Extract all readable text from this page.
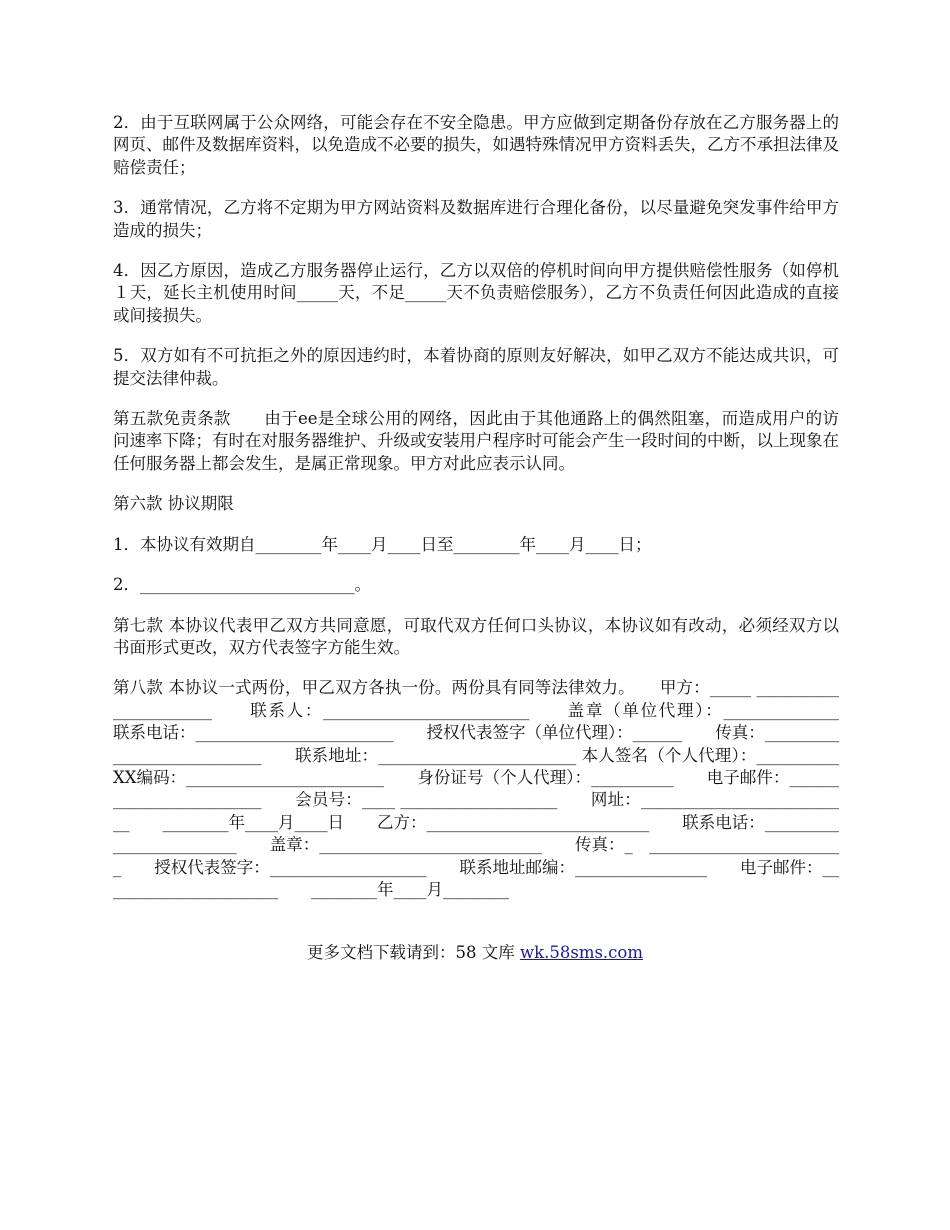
2．由于互联网属于公众网络，可能会存在不安全隐患。甲方应做到定期备份存放在乙方服务器上的网页、邮件及数据库资料，以免造成不必要的损失，如遇特殊情况甲方资料丢失，乙方不承担法律及赔偿责任；

3．通常情况，乙方将不定期为甲方网站资料及数据库进行合理化备份，以尽量避免突发事件给甲方造成的损失；

4．因乙方原因，造成乙方服务器停止运行，乙方以双倍的停机时间向甲方提供赔偿性服务（如停机１天，延长主机使用时间_____天，不足_____天不负责赔偿服务），乙方不负责任何因此造成的直接或间接损失。

5．双方如有不可抗拒之外的原因违约时，本着协商的原则友好解决，如甲乙双方不能达成共识，可提交法律仲裁。

第五款免责条款　　由于ee是全球公用的网络，因此由于其他通路上的偶然阻塞，而造成用户的访问速率下降；有时在对服务器维护、升级或安装用户程序时可能会产生一段时间的中断，以上现象在任何服务器上都会发生，是属正常现象。甲方对此应表示认同。

第六款 协议期限

1．本协议有效期自________年____月____日至________年____月____日；

2．__________________________。

第七款 本协议代表甲乙双方共同意愿，可取代双方任何口头协议，本协议如有改动，必须经双方以书面形式更改，双方代表签字方能生效。

第八款 本协议一式两份，甲乙双方各执一份。两份具有同等法律效力。　　甲方：_____ ______________________　　联系人：_________________________　　盖章（单位代理）：______________　　联系电话：________________________　　授权代表签字（单位代理）：______　　传真：___________________________　　联系地址：________________________ 本人签名（个人代理）：__________　　XX编码：________________________　　身份证号（个人代理）：__________　　电子邮件：________________________　　会员号：____ ___________________　　网址：__________________________　　________年____月____日　　乙方：___________________________　　联系电话：________________________　　盖章：___________________________　　传真：_　________________________　　授权代表签字：___________________　　联系地址邮编：________________　　电子邮件：______________________　　________年____月________

更多文档下载请到：58 文库 wk.58sms.com
